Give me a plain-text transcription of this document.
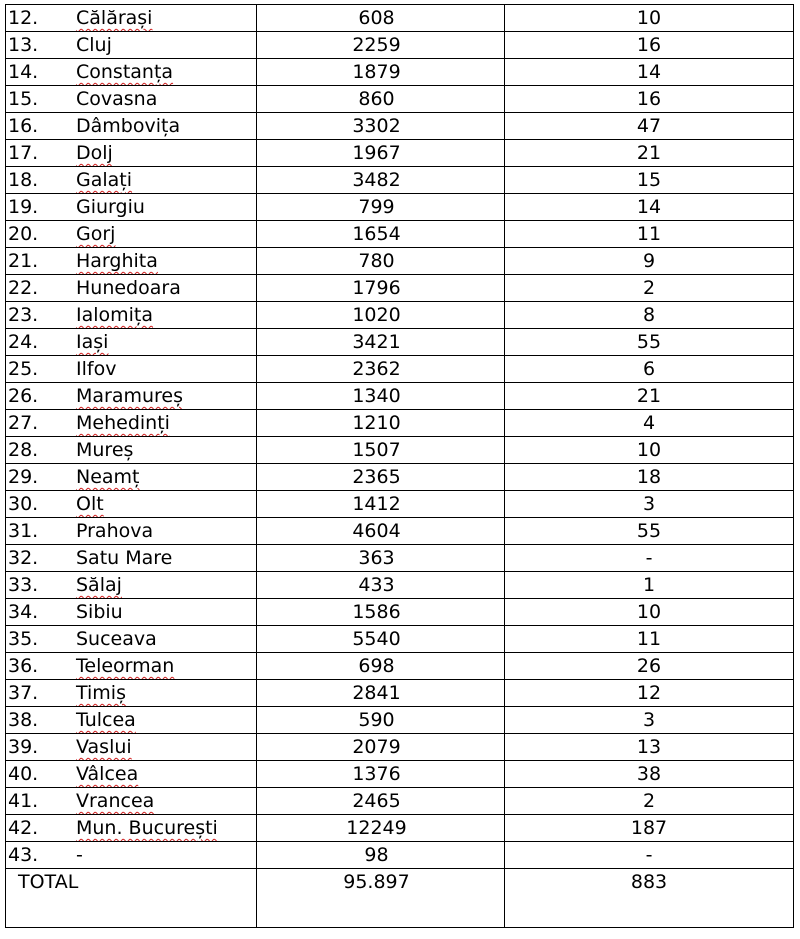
12. Călărași	608	10
13. Cluj	2259	16
14. Constanța	1879	14
15. Covasna	860	16
16. Dâmbovița	3302	47
17. Dolj	1967	21
18. Galați	3482	15
19. Giurgiu	799	14
20. Gorj	1654	11
21. Harghita	780	9
22. Hunedoara	1796	2
23. Ialomița	1020	8
24. Iași	3421	55
25. Ilfov	2362	6
26. Maramureș	1340	21
27. Mehedinți	1210	4
28. Mureș	1507	10
29. Neamț	2365	18
30. Olt	1412	3
31. Prahova	4604	55
32. Satu Mare	363	-
33. Sălaj	433	1
34. Sibiu	1586	10
35. Suceava	5540	11
36. Teleorman	698	26
37. Timiș	2841	12
38. Tulcea	590	3
39. Vaslui	2079	13
40. Vâlcea	1376	38
41. Vrancea	2465	2
42. Mun. București	12249	187
43. -	98	-
TOTAL	95.897	883
